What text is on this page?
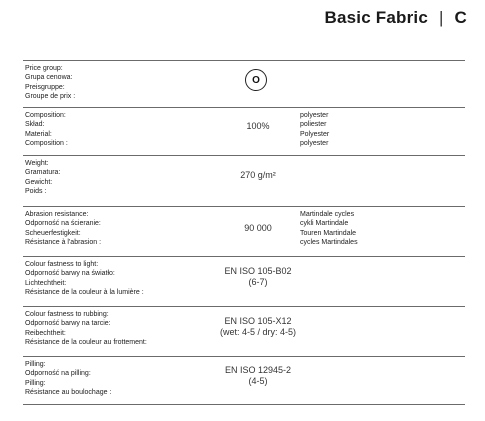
Basic Fabric | C
Price group:
Grupa cenowa:
Preisgruppe:
Groupe de prix :
O
Composition:
Skład:
Material:
Composition :
100%
polyester
poliester
Polyester
polyester
Weight:
Gramatura:
Gewicht:
Poids :
270 g/m²
Abrasion resistance:
Odporność na ścieranie:
Scheuerfestigkeit:
Résistance à l'abrasion :
90 000
Martindale cycles
cykli Martindale
Touren Martindale
cycles Martindales
Colour fastness to light:
Odporność barwy na światło:
Lichtechtheit:
Résistance de la couleur à la lumière :
EN ISO 105-B02
(6-7)
Colour fastness to rubbing:
Odporność barwy na tarcie:
Reibechtheit:
Résistance de la couleur au frottement:
EN ISO 105-X12
(wet: 4-5 / dry: 4-5)
Pilling:
Odporność na pilling:
Pilling:
Résistance au boulochage :
EN ISO 12945-2
(4-5)
